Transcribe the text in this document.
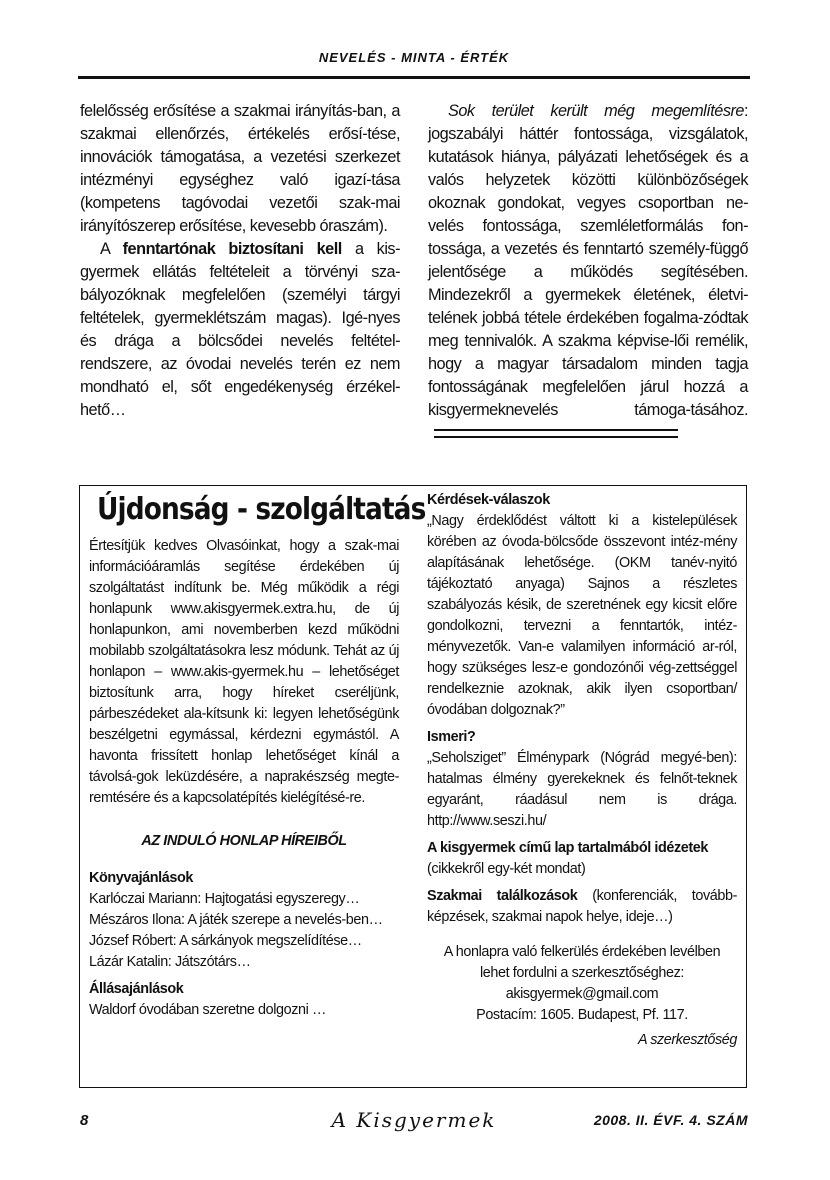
NEVELÉS - MINTA - ÉRTÉK

felelősség erősítése a szakmai irányítás-ban, a szakmai ellenőrzés, értékelés erősí-tése, innovációk támogatása, a vezetési szerkezet intézményi egységhez való igazí-tása (kompetens tagóvodai vezetői szak-mai irányítószerep erősítése, kevesebb óraszám).

A fenntartónak biztosítani kell a kis-gyermek ellátás feltételeit a törvényi sza-bályozóknak megfelelően (személyi tárgyi feltételek, gyermeklétszám magas). Igé-nyes és drága a bölcsődei nevelés feltétel-rendszere, az óvodai nevelés terén ez nem mondható el, sőt engedékenység érzékel-hető…

Sok terület került még megemlítésre: jogszabályi háttér fontossága, vizsgálatok, kutatások hiánya, pályázati lehetőségek és a valós helyzetek közötti különbözőségek okoznak gondokat, vegyes csoportban ne-velés fontossága, szemléletformálás fon-tossága, a vezetés és fenntartó személy-függő jelentősége a működés segítésében. Mindezekről a gyermekek életének, életvi-telének jobbá tétele érdekében fogalma-zódtak meg tennivalók. A szakma képvise-lői remélik, hogy a magyar társadalom minden tagja fontosságának megfelelően járul hozzá a kisgyermeknevelés támoga-tásához.

Újdonság - szolgáltatás

Értesítjük kedves Olvasóinkat, hogy a szak-mai információáramlás segítése érdekében új szolgáltatást indítunk be. Még működik a régi honlapunk www.akisgyermek.extra.hu, de új honlapunkon, ami novemberben kezd működni mobilabb szolgáltatásokra lesz módunk. Tehát az új honlapon – www.akis-gyermek.hu – lehetőséget biztosítunk arra, hogy híreket cseréljünk, párbeszédeket ala-kítsunk ki: legyen lehetőségünk beszélgetni egymással, kérdezni egymástól. A havonta frissített honlap lehetőséget kínál a távolsá-gok leküzdésére, a naprakészség megte-remtésére és a kapcsolatépítés kielégítésé-re.

AZ INDULÓ HONLAP HÍREIBŐL

Könyvajánlások

Karlóczai Mariann: Hajtogatási egyszeregy…

Mészáros Ilona: A játék szerepe a nevelés-ben…

József Róbert: A sárkányok megszelídítése…

Lázár Katalin: Játszótárs…

Állásajánlások

Waldorf óvodában szeretne dolgozni …

Kérdések-válaszok

„Nagy érdeklődést váltott ki a kistelepülések körében az óvoda-bölcsőde összevont intéz-mény alapításának lehetősége. (OKM tanév-nyitó tájékoztató anyaga) Sajnos a részletes szabályozás késik, de szeretnének egy kicsit előre gondolkozni, tervezni a fenntartók, intéz-ményvezetők. Van-e valamilyen információ ar-ról, hogy szükséges lesz-e gondozónői vég-zettséggel rendelkeznie azoknak, akik ilyen csoportban/óvodában dolgoznak?”

Ismeri?

„Seholsziget” Élménypark (Nógrád megyé-ben): hatalmas élmény gyerekeknek és felnőt-teknek egyaránt, ráadásul nem is drága. http://www.seszi.hu/

A kisgyermek című lap tartalmából idézetek

(cikkekről egy-két mondat)

Szakmai találkozások (konferenciák, tovább-képzések, szakmai napok helye, ideje…)

A honlapra való felkerülés érdekében levélben

lehet fordulni a szerkesztőséghez:

akisgyermek@gmail.com

Postacím: 1605. Budapest, Pf. 117.

A szerkesztőség

8	A Kisgyermek	2008. II. ÉVF. 4. SZÁM
